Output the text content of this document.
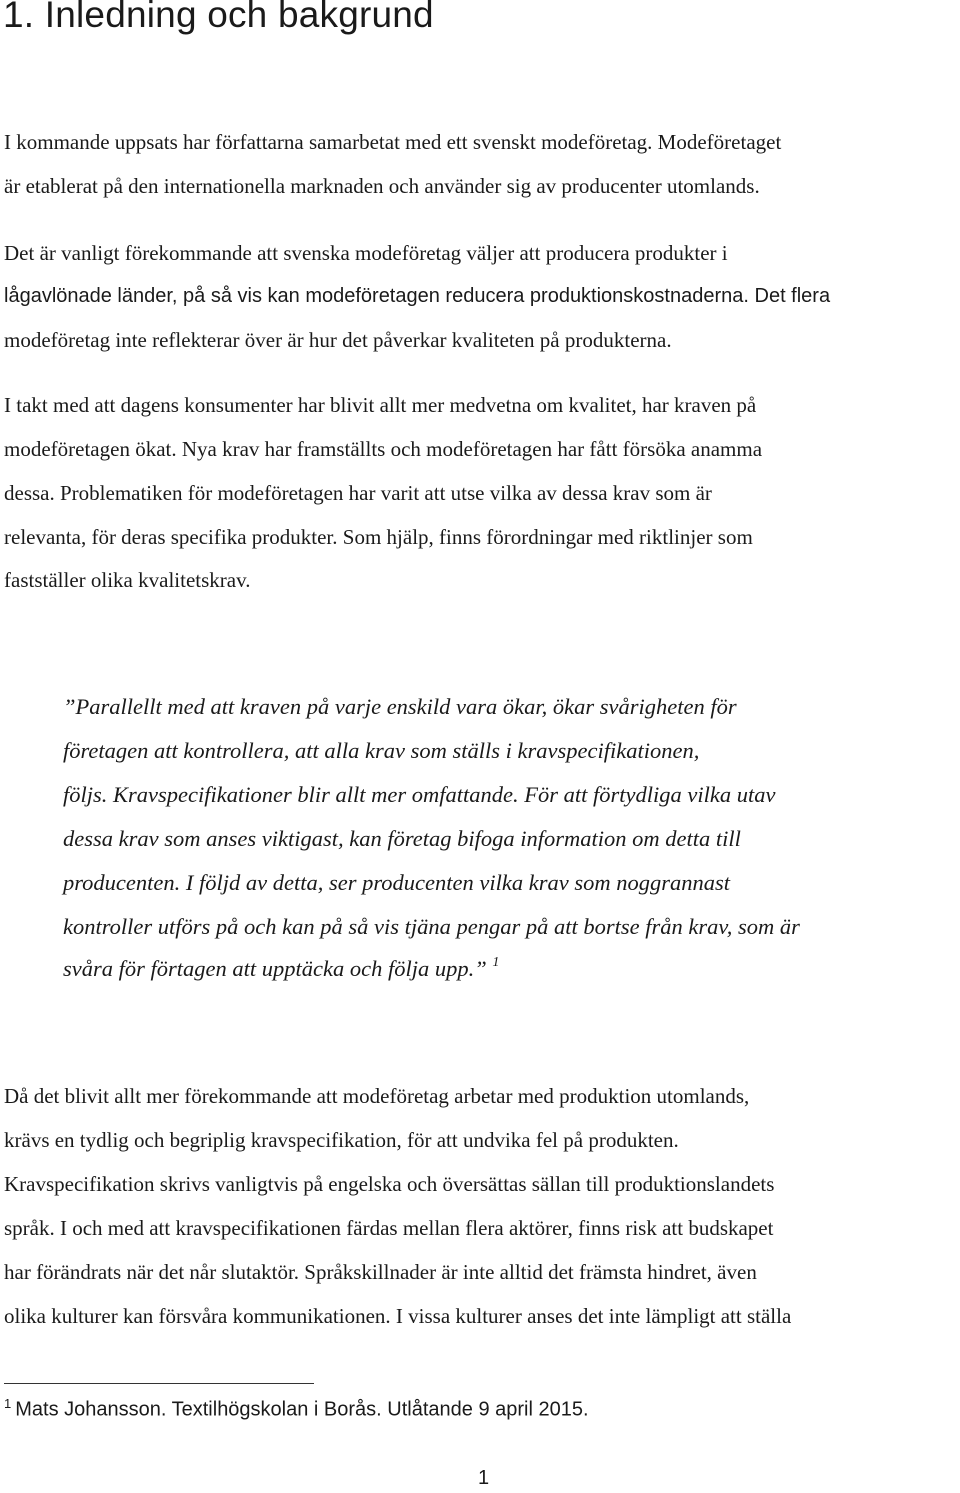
1. Inledning och bakgrund
I kommande uppsats har författarna samarbetat med ett svenskt modeföretag. Modeföretaget
är etablerat på den internationella marknaden och använder sig av producenter utomlands.
Det är vanligt förekommande att svenska modeföretag väljer att producera produkter i
lågavlönade länder, på så vis kan modeföretagen reducera produktionskostnaderna. Det flera
modeföretag inte reflekterar över är hur det påverkar kvaliteten på produkterna.
I takt med att dagens konsumenter har blivit allt mer medvetna om kvalitet, har kraven på
modeföretagen ökat. Nya krav har framställts och modeföretagen har fått försöka anamma
dessa. Problematiken för modeföretagen har varit att utse vilka av dessa krav som är
relevanta, för deras specifika produkter. Som hjälp, finns förordningar med riktlinjer som
fastställer olika kvalitetskrav.
”Parallellt med att kraven på varje enskild vara ökar, ökar svårigheten för
företagen att kontrollera, att alla krav som ställs i kravspecifikationen,
följs. Kravspecifikationer blir allt mer omfattande. För att förtydliga vilka utav
dessa krav som anses viktigast, kan företag bifoga information om detta till
producenten. I följd av detta, ser producenten vilka krav som noggrannast
kontroller utförs på och kan på så vis tjäna pengar på att bortse från krav, som är
svåra för förtagen att upptäcka och följa upp.” $^1$
Då det blivit allt mer förekommande att modeföretag arbetar med produktion utomlands,
krävs en tydlig och begriplig kravspecifikation, för att undvika fel på produkten.
Kravspecifikation skrivs vanligtvis på engelska och översättas sällan till produktionslandets
språk. I och med att kravspecifikationen färdas mellan flera aktörer, finns risk att budskapet
har förändrats när det når slutaktör. Språkskillnader är inte alltid det främsta hindret, även
olika kulturer kan försvåra kommunikationen. I vissa kulturer anses det inte lämpligt att ställa
$^1$ Mats Johansson. Textilhögskolan i Borås. Utlåtande 9 april 2015.
1
